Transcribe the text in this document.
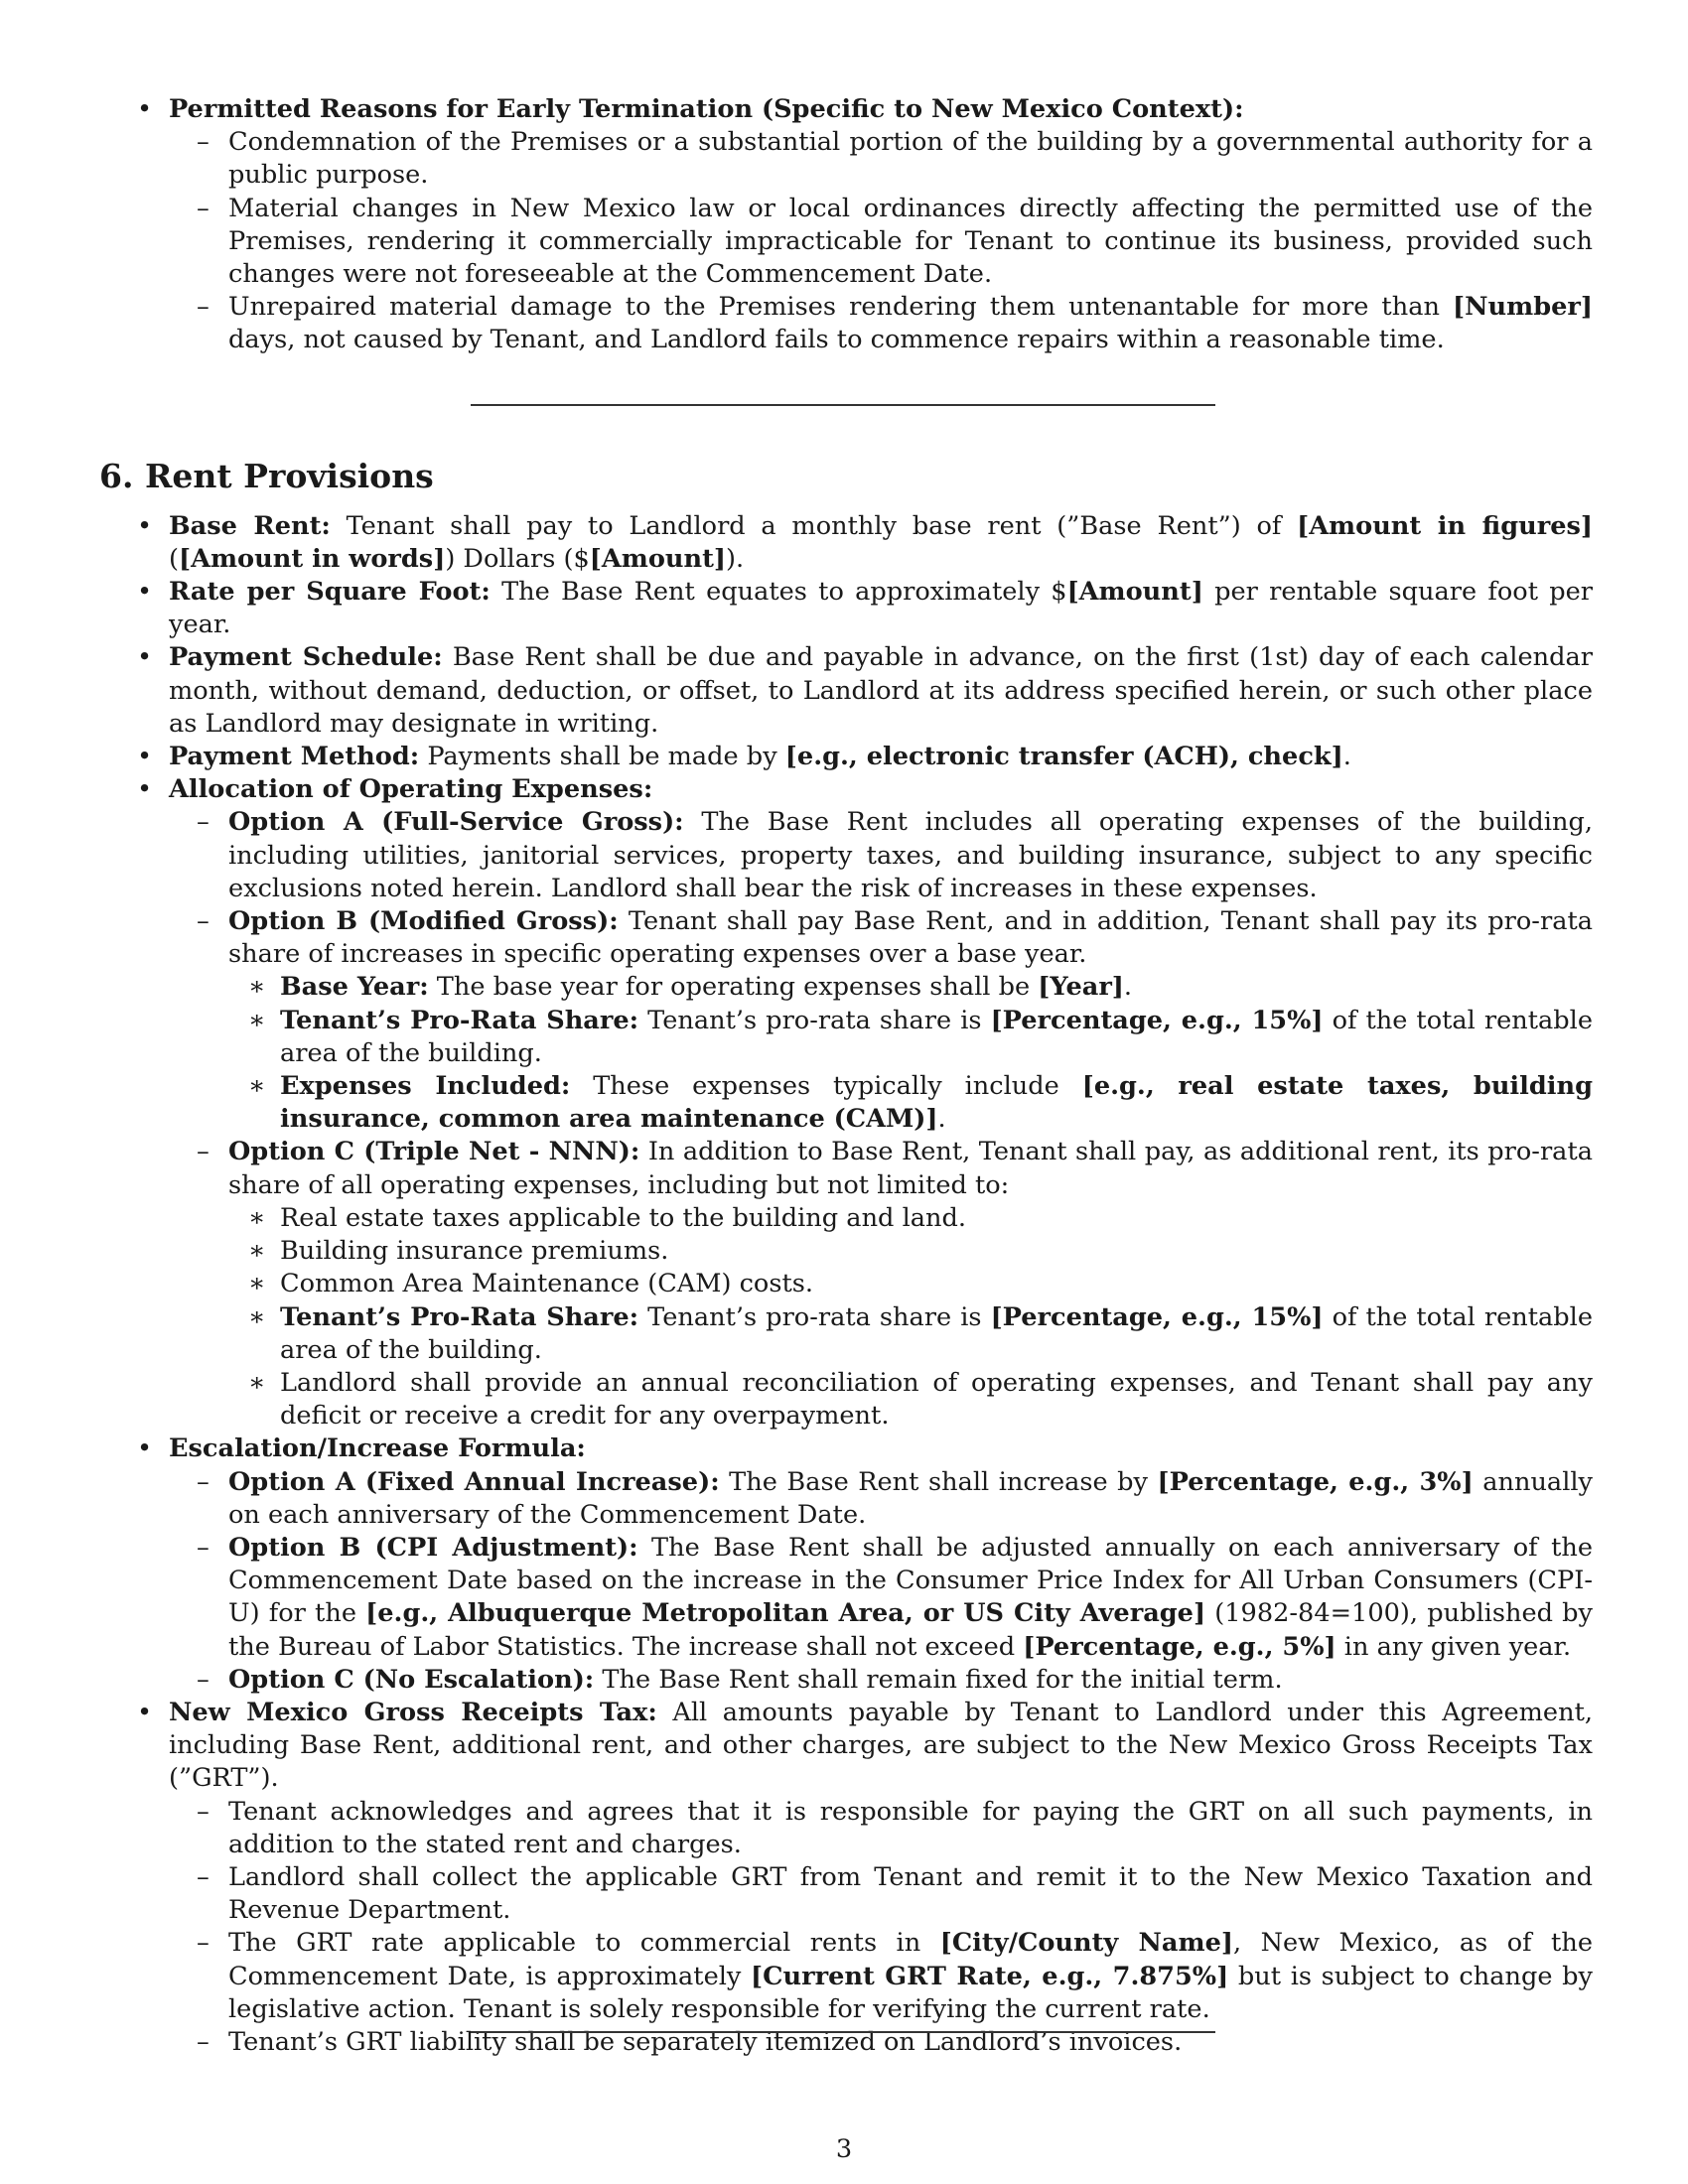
• Permitted Reasons for Early Termination (Specific to New Mexico Context):
– Condemnation of the Premises or a substantial portion of the building by a governmental authority for a public purpose.
– Material changes in New Mexico law or local ordinances directly affecting the permitted use of the Premises, rendering it commercially impracticable for Tenant to continue its business, provided such changes were not foreseeable at the Commencement Date.
– Unrepaired material damage to the Premises rendering them untenantable for more than [Number] days, not caused by Tenant, and Landlord fails to commence repairs within a reasonable time.
6. Rent Provisions
• Base Rent: Tenant shall pay to Landlord a monthly base rent (”Base Rent”) of [Amount in figures] ([Amount in words]) Dollars ($[Amount]).
• Rate per Square Foot: The Base Rent equates to approximately $[Amount] per rentable square foot per year.
• Payment Schedule: Base Rent shall be due and payable in advance, on the first (1st) day of each calendar month, without demand, deduction, or offset, to Landlord at its address specified herein, or such other place as Landlord may designate in writing.
• Payment Method: Payments shall be made by [e.g., electronic transfer (ACH), check].
• Allocation of Operating Expenses:
– Option A (Full-Service Gross): The Base Rent includes all operating expenses of the building, including utilities, janitorial services, property taxes, and building insurance, subject to any specific exclusions noted herein. Landlord shall bear the risk of increases in these expenses.
– Option B (Modified Gross): Tenant shall pay Base Rent, and in addition, Tenant shall pay its pro-rata share of increases in specific operating expenses over a base year.
∗ Base Year: The base year for operating expenses shall be [Year].
∗ Tenant’s Pro-Rata Share: Tenant’s pro-rata share is [Percentage, e.g., 15%] of the total rentable area of the building.
∗ Expenses Included: These expenses typically include [e.g., real estate taxes, building insurance, common area maintenance (CAM)].
– Option C (Triple Net - NNN): In addition to Base Rent, Tenant shall pay, as additional rent, its pro-rata share of all operating expenses, including but not limited to:
∗ Real estate taxes applicable to the building and land.
∗ Building insurance premiums.
∗ Common Area Maintenance (CAM) costs.
∗ Tenant’s Pro-Rata Share: Tenant’s pro-rata share is [Percentage, e.g., 15%] of the total rentable area of the building.
∗ Landlord shall provide an annual reconciliation of operating expenses, and Tenant shall pay any deficit or receive a credit for any overpayment.
• Escalation/Increase Formula:
– Option A (Fixed Annual Increase): The Base Rent shall increase by [Percentage, e.g., 3%] annually on each anniversary of the Commencement Date.
– Option B (CPI Adjustment): The Base Rent shall be adjusted annually on each anniversary of the Commencement Date based on the increase in the Consumer Price Index for All Urban Consumers (CPI-U) for the [e.g., Albuquerque Metropolitan Area, or US City Average] (1982-84=100), published by the Bureau of Labor Statistics. The increase shall not exceed [Percentage, e.g., 5%] in any given year.
– Option C (No Escalation): The Base Rent shall remain fixed for the initial term.
• New Mexico Gross Receipts Tax: All amounts payable by Tenant to Landlord under this Agreement, including Base Rent, additional rent, and other charges, are subject to the New Mexico Gross Receipts Tax (”GRT”).
– Tenant acknowledges and agrees that it is responsible for paying the GRT on all such payments, in addition to the stated rent and charges.
– Landlord shall collect the applicable GRT from Tenant and remit it to the New Mexico Taxation and Revenue Department.
– The GRT rate applicable to commercial rents in [City/County Name], New Mexico, as of the Commencement Date, is approximately [Current GRT Rate, e.g., 7.875%] but is subject to change by legislative action. Tenant is solely responsible for verifying the current rate.
– Tenant’s GRT liability shall be separately itemized on Landlord’s invoices.
3
